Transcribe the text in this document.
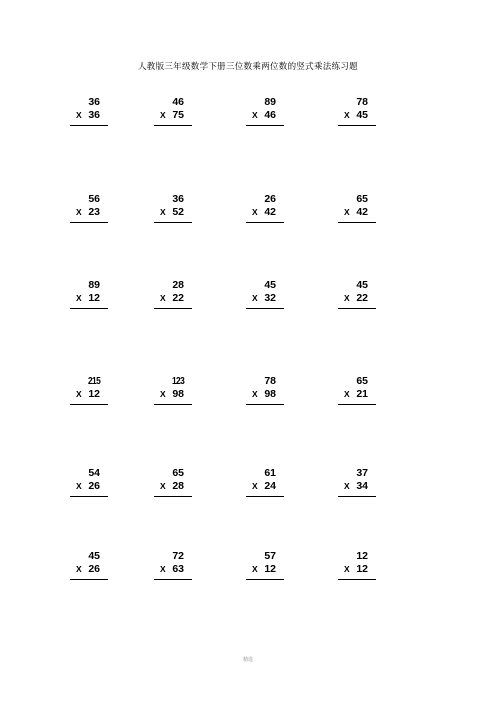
人教版三年级数学下册三位数乘两位数的竖式乘法练习题
36
X 36
46
X 75
89
X 46
78
X 45
56
X 23
36
X 52
26
X 42
65
X 42
89
X 12
28
X 22
45
X 32
45
X 22
215
X 12
123
X 98
78
X 98
65
X 21
54
X 26
65
X 28
61
X 24
37
X 34
45
X 26
72
X 63
57
X 12
12
X 12
精选
